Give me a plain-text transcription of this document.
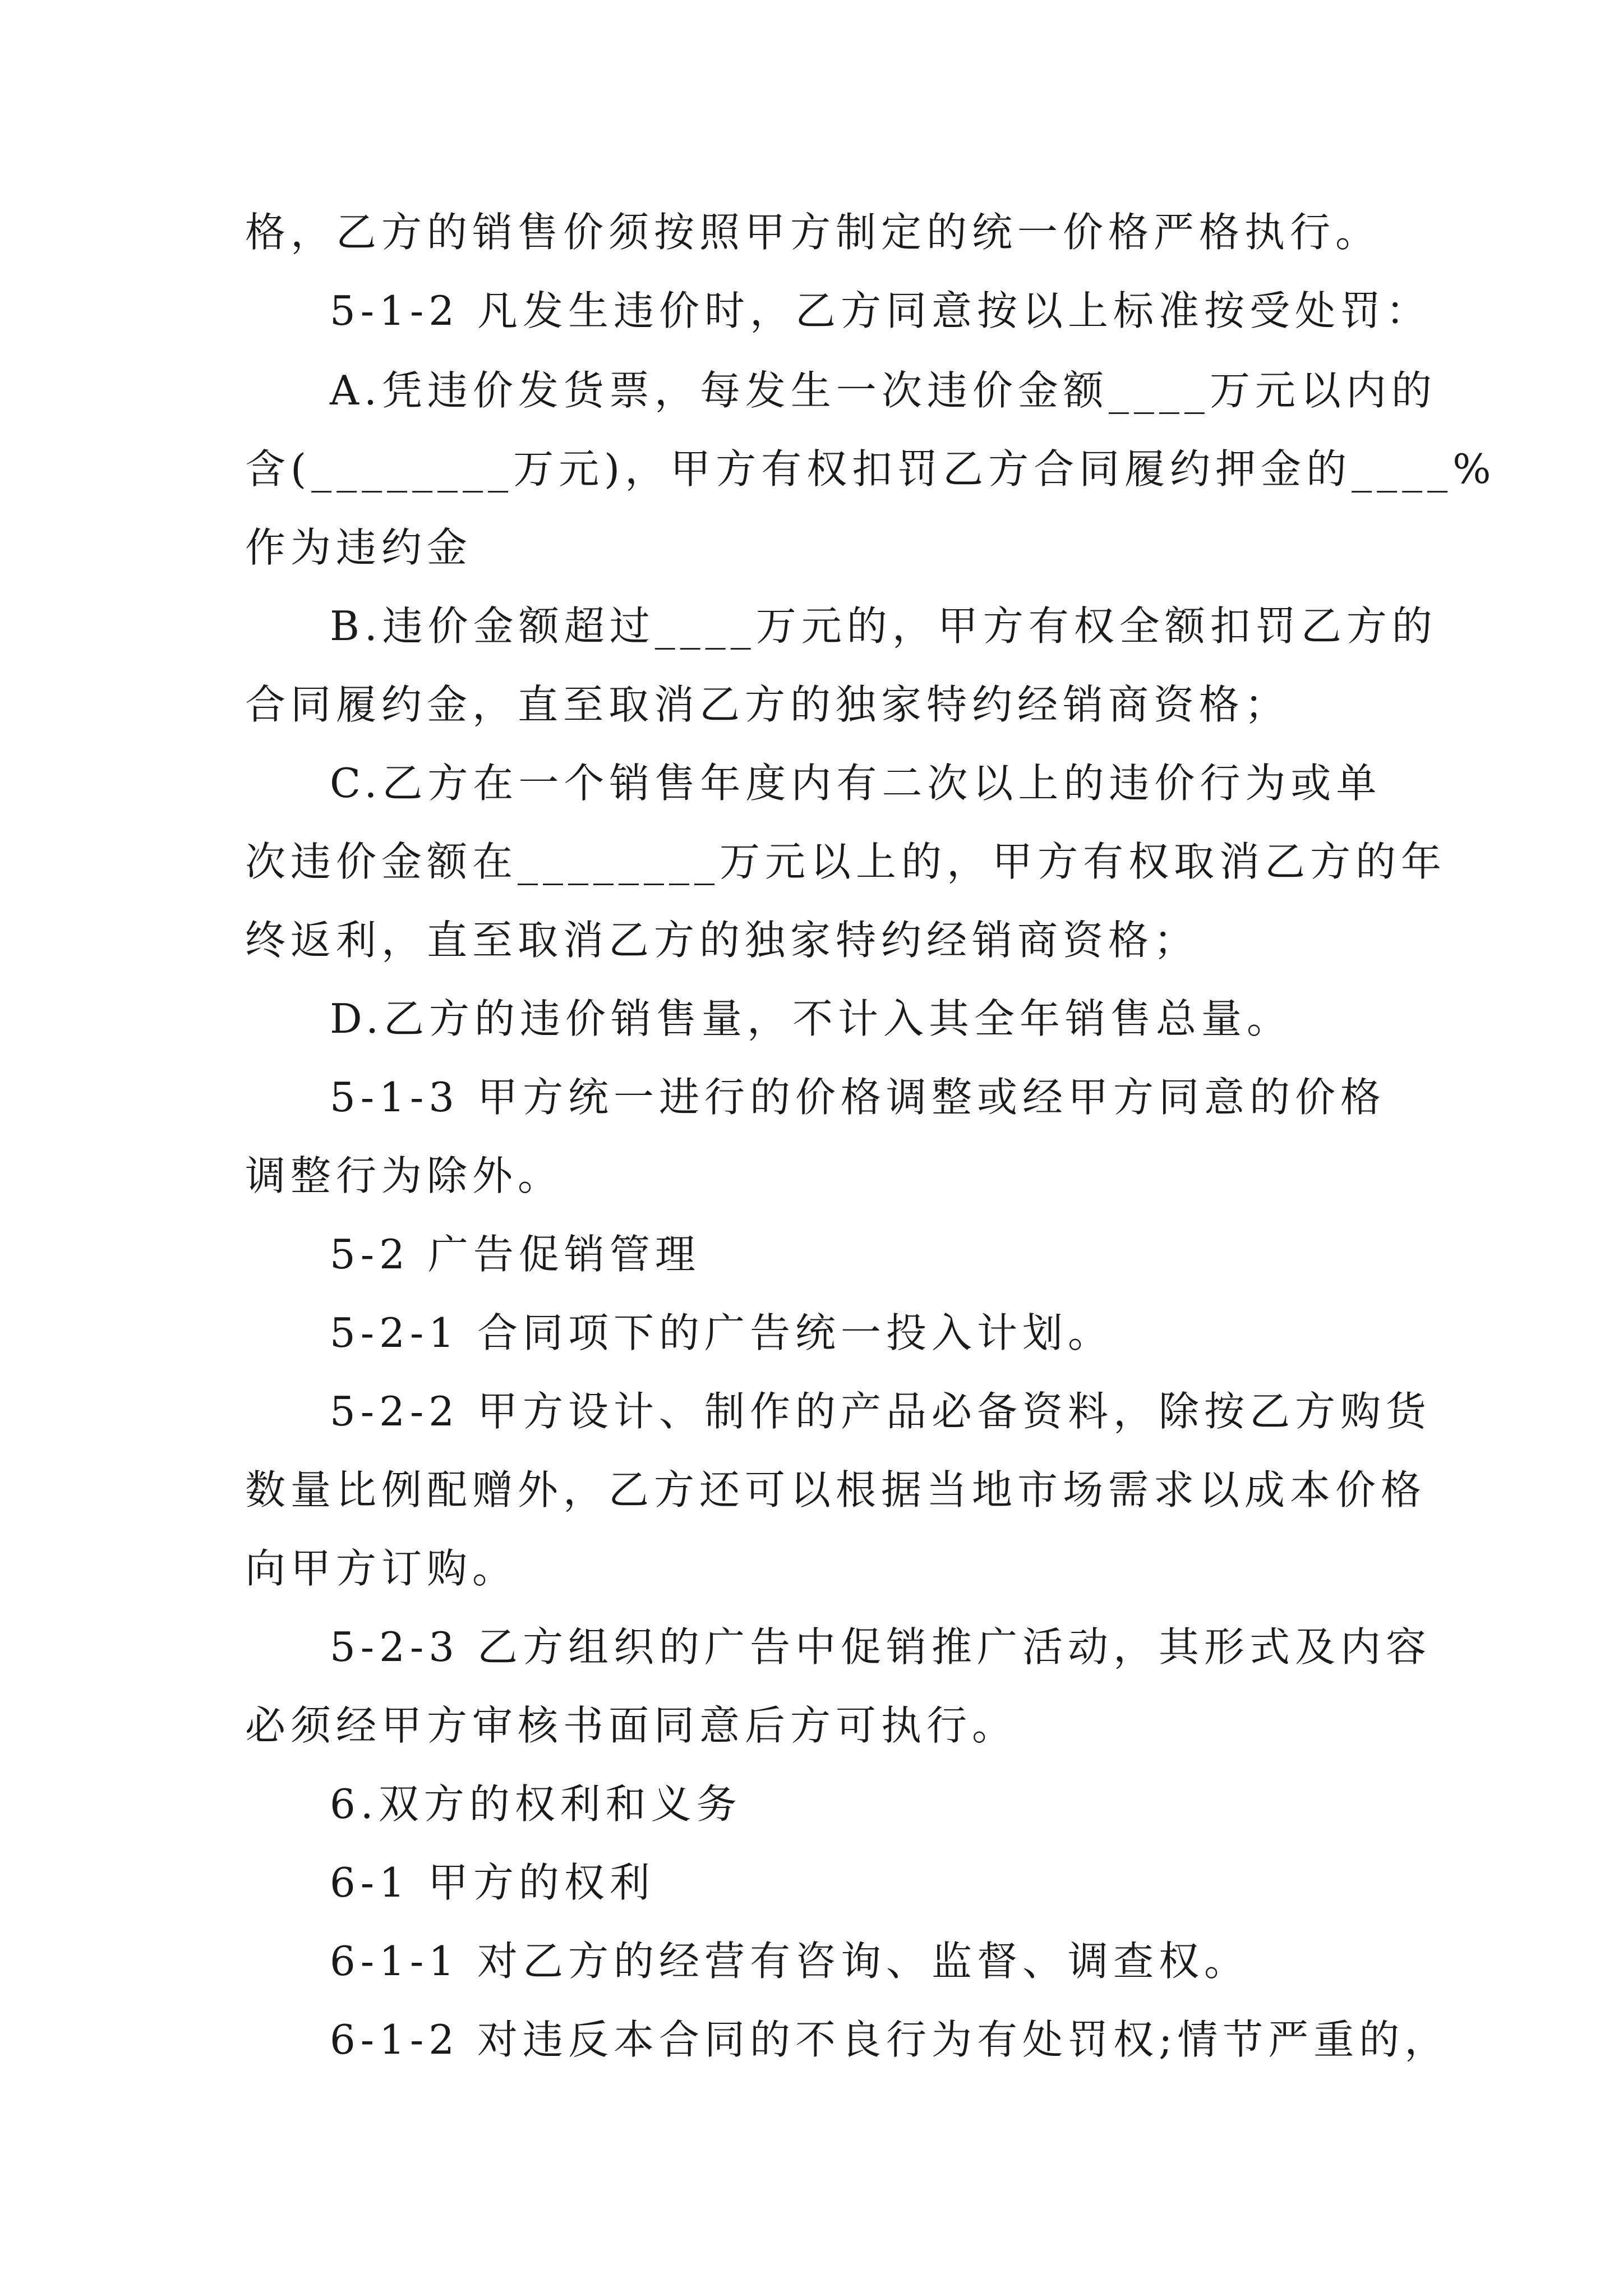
格，乙方的销售价须按照甲方制定的统一价格严格执行。
5-1-2 凡发生违价时，乙方同意按以上标准按受处罚：
A.凭违价发货票，每发生一次违价金额____万元以内的
含(________万元)，甲方有权扣罚乙方合同履约押金的____%
作为违约金
B.违价金额超过____万元的，甲方有权全额扣罚乙方的
合同履约金，直至取消乙方的独家特约经销商资格；
C.乙方在一个销售年度内有二次以上的违价行为或单
次违价金额在________万元以上的，甲方有权取消乙方的年
终返利，直至取消乙方的独家特约经销商资格；
D.乙方的违价销售量，不计入其全年销售总量。
5-1-3 甲方统一进行的价格调整或经甲方同意的价格
调整行为除外。
5-2 广告促销管理
5-2-1 合同项下的广告统一投入计划。
5-2-2 甲方设计、制作的产品必备资料，除按乙方购货
数量比例配赠外，乙方还可以根据当地市场需求以成本价格
向甲方订购。
5-2-3 乙方组织的广告中促销推广活动，其形式及内容
必须经甲方审核书面同意后方可执行。
6.双方的权利和义务
6-1 甲方的权利
6-1-1 对乙方的经营有咨询、监督、调查权。
6-1-2 对违反本合同的不良行为有处罚权;情节严重的，
